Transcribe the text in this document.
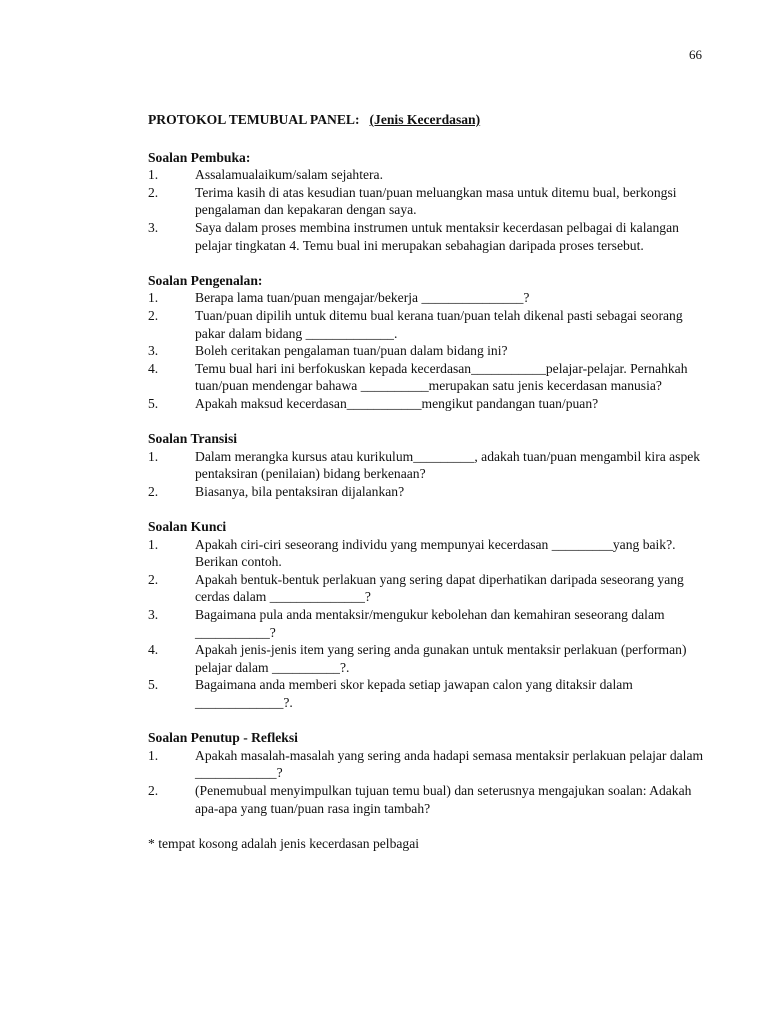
66
PROTOKOL TEMUBUAL PANEL: (Jenis Kecerdasan)
Soalan Pembuka:
1.	Assalamualaikum/salam sejahtera.
2.	Terima kasih di atas kesudian tuan/puan meluangkan masa untuk ditemu bual, berkongsi pengalaman dan kepakaran dengan saya.
3.	Saya dalam proses membina instrumen untuk mentaksir kecerdasan pelbagai di kalangan pelajar tingkatan 4. Temu bual ini merupakan sebahagian daripada proses tersebut.
Soalan Pengenalan:
1.	Berapa lama tuan/puan mengajar/bekerja _______________?
2.	Tuan/puan dipilih untuk ditemu bual kerana tuan/puan telah dikenal pasti sebagai seorang pakar dalam bidang _____________.
3.	Boleh ceritakan pengalaman tuan/puan dalam bidang ini?
4.	Temu bual hari ini berfokuskan kepada kecerdasan___________pelajar-pelajar. Pernahkah tuan/puan mendengar bahawa __________merupakan satu jenis kecerdasan manusia?
5.	Apakah maksud kecerdasan___________mengikut pandangan tuan/puan?
Soalan Transisi
1.	Dalam merangka kursus atau kurikulum_________, adakah tuan/puan mengambil kira aspek pentaksiran (penilaian) bidang berkenaan?
2.	Biasanya, bila pentaksiran dijalankan?
Soalan Kunci
1.	Apakah ciri-ciri seseorang individu yang mempunyai kecerdasan _________yang baik?. Berikan contoh.
2.	Apakah bentuk-bentuk perlakuan yang sering dapat diperhatikan daripada seseorang yang cerdas dalam ______________?
3.	Bagaimana pula anda mentaksir/mengukur kebolehan dan kemahiran seseorang dalam ___________?
4.	Apakah jenis-jenis item yang sering anda gunakan untuk mentaksir perlakuan (performan) pelajar dalam __________?.
5.	Bagaimana anda memberi skor kepada setiap jawapan calon yang ditaksir dalam _____________?.
Soalan Penutup - Refleksi
1.	Apakah masalah-masalah yang sering anda hadapi semasa mentaksir perlakuan pelajar dalam ____________?
2.	(Penemubual menyimpulkan tujuan temu bual) dan seterusnya mengajukan soalan: Adakah apa-apa yang tuan/puan rasa ingin tambah?
* tempat kosong adalah jenis kecerdasan pelbagai
